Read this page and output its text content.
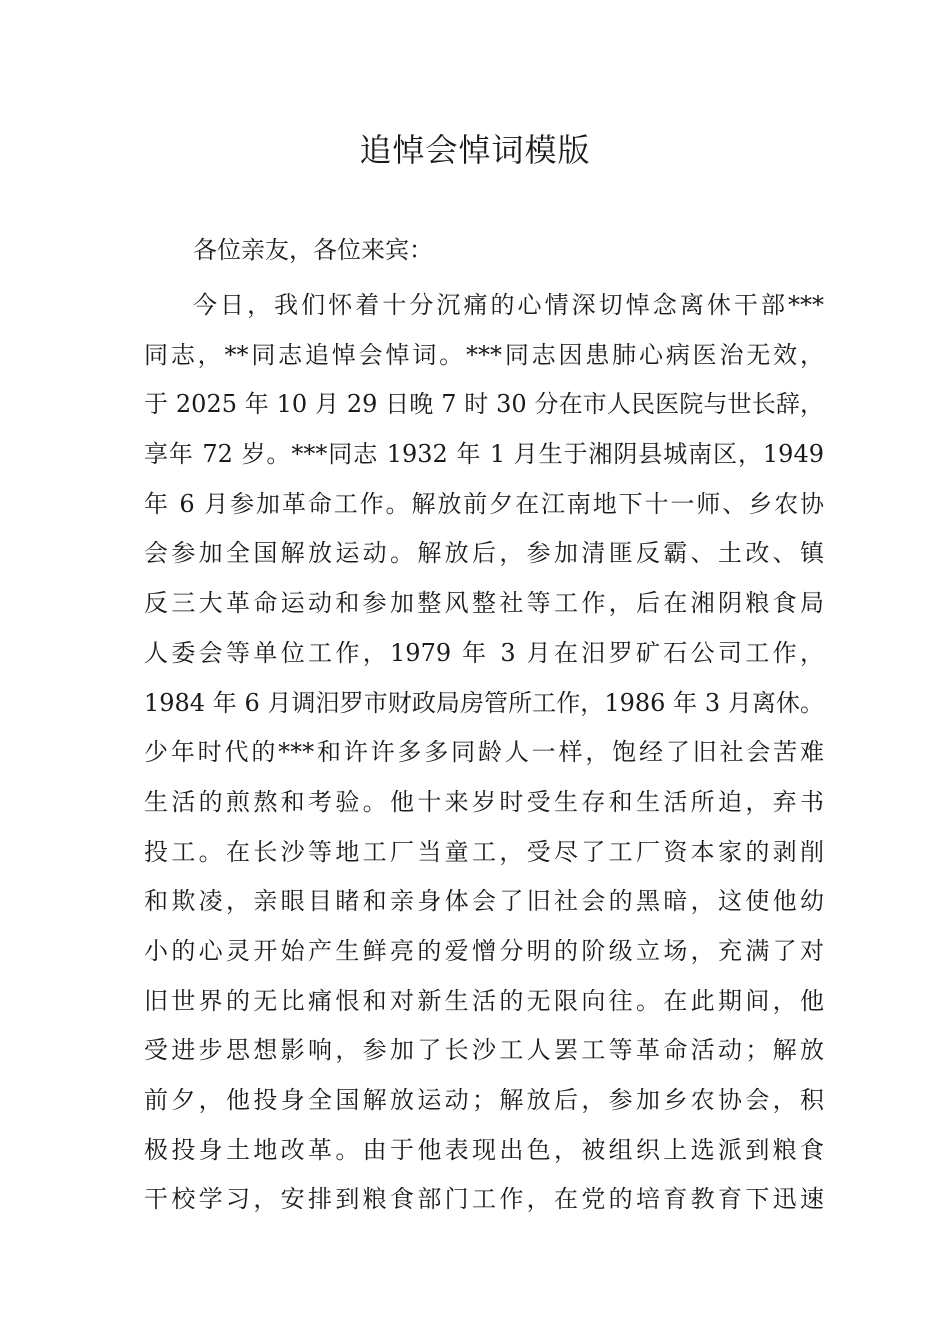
追悼会悼词模版

各位亲友，各位来宾：

今日，我们怀着十分沉痛的心情深切悼念离休干部***
同志，**同志追悼会悼词。***同志因患肺心病医治无效，
于 2025 年 10 月 29 日晚 7 时 30 分在市人民医院与世长辞，
享年 72 岁。***同志 1932 年 1 月生于湘阴县城南区，1949
年 6 月参加革命工作。解放前夕在江南地下十一师、乡农协
会参加全国解放运动。解放后，参加清匪反霸、土改、镇
反三大革命运动和参加整风整社等工作，后在湘阴粮食局
人委会等单位工作，1979 年 3 月在汨罗矿石公司工作，
1984 年 6 月调汨罗市财政局房管所工作，1986 年 3 月离休。
少年时代的***和许许多多同龄人一样，饱经了旧社会苦难
生活的煎熬和考验。他十来岁时受生存和生活所迫，弃书
投工。在长沙等地工厂当童工，受尽了工厂资本家的剥削
和欺凌，亲眼目睹和亲身体会了旧社会的黑暗，这使他幼
小的心灵开始产生鲜亮的爱憎分明的阶级立场，充满了对
旧世界的无比痛恨和对新生活的无限向往。在此期间，他
受进步思想影响，参加了长沙工人罢工等革命活动；解放
前夕，他投身全国解放运动；解放后，参加乡农协会，积
极投身土地改革。由于他表现出色，被组织上选派到粮食
干校学习，安排到粮食部门工作，在党的培育教育下迅速
